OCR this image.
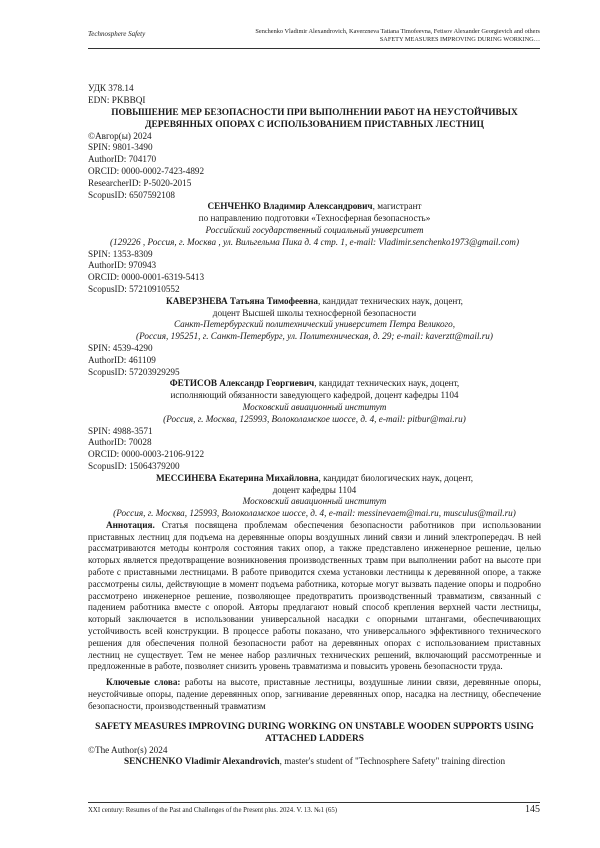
Technosphere Safety	Senchenko Vladimir Alexandrovich, Kaverzneva Tatiana Timofeevna, Fetisov Alexander Georgievich and others
SAFETY MEASURES IMPROVING DURING WORKING…
УДК 378.14
EDN: PKBBQI
ПОВЫШЕНИЕ МЕР БЕЗОПАСНОСТИ ПРИ ВЫПОЛНЕНИИ РАБОТ НА НЕУСТОЙЧИВЫХ
ДЕРЕВЯННЫХ ОПОРАХ С ИСПОЛЬЗОВАНИЕМ ПРИСТАВНЫХ ЛЕСТНИЦ
©Авгор(ы) 2024
SPIN: 9801-3490
AuthorID: 704170
ORCID: 0000-0002-7423-4892
ResearcherID: P-5020-2015
ScopusID: 6507592108
СЕНЧЕНКО Владимир Александрович, магистрант
по направлению подготовки «Техносферная безопасность»
Российский государственный социальный университет
(129226 , Россия, г. Москва , ул. Вильгельма Пика д. 4 стр. 1, e-mail: Vladimir.senchenko1973@gmail.com)
SPIN: 1353-8309
AuthorID: 970943
ORCID: 0000-0001-6319-5413
ScopusID: 57210910552
КАВЕРЗНЕВА Татьяна Тимофеевна, кандидат технических наук, доцент,
доцент Высшей школы техносферной безопасности
Санкт-Петербургский политехнический университет Петра Великого,
(Россия, 195251, г. Санкт-Петербург, ул. Политехническая, д. 29; e-mail: kaverztt@mail.ru)
SPIN: 4539-4290
AuthorID: 461109
ScopusID: 57203929295
ФЕТИСОВ Александр Георгиевич, кандидат технических наук, доцент,
исполняющий обязанности заведующего кафедрой, доцент кафедры 1104
Московский авиационный институт
(Россия, г. Москва, 125993, Волоколамское шоссе, д. 4, e-mail: pitbur@mai.ru)
SPIN: 4988-3571
AuthorID: 70028
ORCID: 0000-0003-2106-9122
ScopusID: 15064379200
МЕССИНЕВА Екатерина Михайловна, кандидат биологических наук, доцент,
доцент кафедры 1104
Московский авиационный институт
(Россия, г. Москва, 125993, Волоколамское шоссе, д. 4, e-mail: messinevaem@mai.ru, musculus@mail.ru)
Аннотация. Статья посвящена проблемам обеспечения безопасности работников при использовании приставных лестниц для подъема на деревянные опоры воздушных линий связи и линий электропередач. В ней рассматриваются методы контроля состояния таких опор, а также представлено инженерное решение, целью которых является предотвращение возникновения производственных травм при выполнении работ на высоте при работе с приставными лестницами. В работе приводится схема установки лестницы к деревянной опоре, а также рассмотрены силы, действующие в момент подъема работника, которые могут вызвать падение опоры и подробно рассмотрено инженерное решение, позволяющее предотвратить производственный травматизм, связанный с падением работника вместе с опорой. Авторы предлагают новый способ крепления верхней части лестницы, который заключается в использовании универсальной насадки с опорными штангами, обеспечивающих устойчивость всей конструкции. В процессе работы показано, что универсального эффективного технического решения для обеспечения полной безопасности работ на деревянных опорах с использованием приставных лестниц не существует. Тем не менее набор различных технических решений, включающий рассмотренные и предложенные в работе, позволяет снизить уровень травматизма и повысить уровень безопасности труда.
Ключевые слова: работы на высоте, приставные лестницы, воздушные линии связи, деревянные опоры, неустойчивые опоры, падение деревянных опор, загнивание деревянных опор, насадка на лестницу, обеспечение безопасности, производственный травматизм
SAFETY MEASURES IMPROVING DURING WORKING ON UNSTABLE WOODEN SUPPORTS USING
ATTACHED LADDERS
©The Author(s) 2024
SENCHENKO Vladimir Alexandrovich, master's student of "Technosphere Safety" training direction
XXI century: Resumes of the Past and Challenges of the Present plus. 2024. V. 13. №1 (65)	145
